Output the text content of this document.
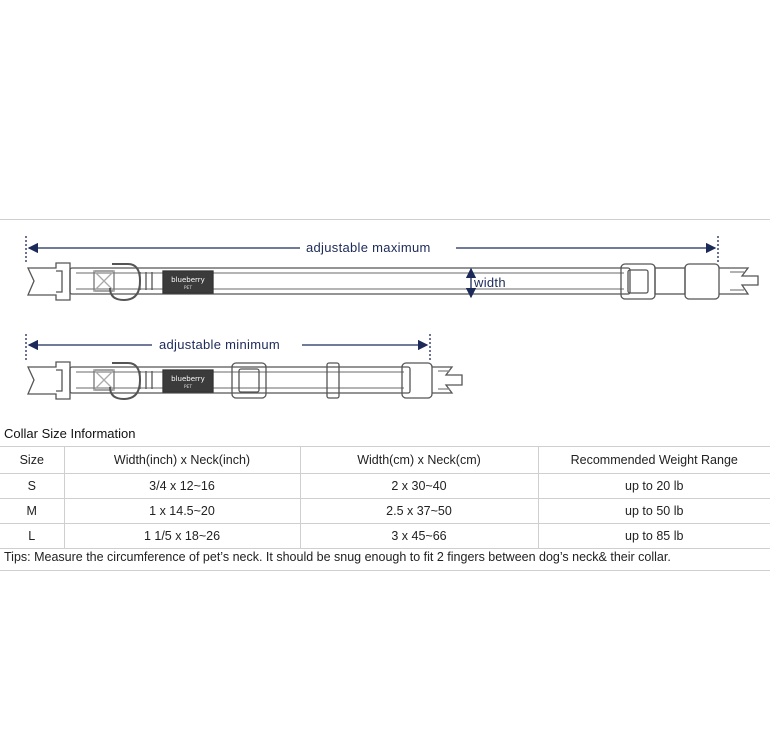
blueberry
PET
blueberry
PET
adjustable maximum
width
adjustable minimum
Collar Size Information
Size	Width(inch) x Neck(inch)	Width(cm) x Neck(cm)	Recommended Weight Range
S	3/4 x 12~16	2 x 30~40	up to 20 lb
M	1 x 14.5~20	2.5 x 37~50	up to 50 lb
L	1 1/5 x 18~26	3 x 45~66	up to 85 lb
Tips: Measure the circumference of pet’s neck. It should be snug enough to fit 2 fingers between dog’s neck& their collar.
